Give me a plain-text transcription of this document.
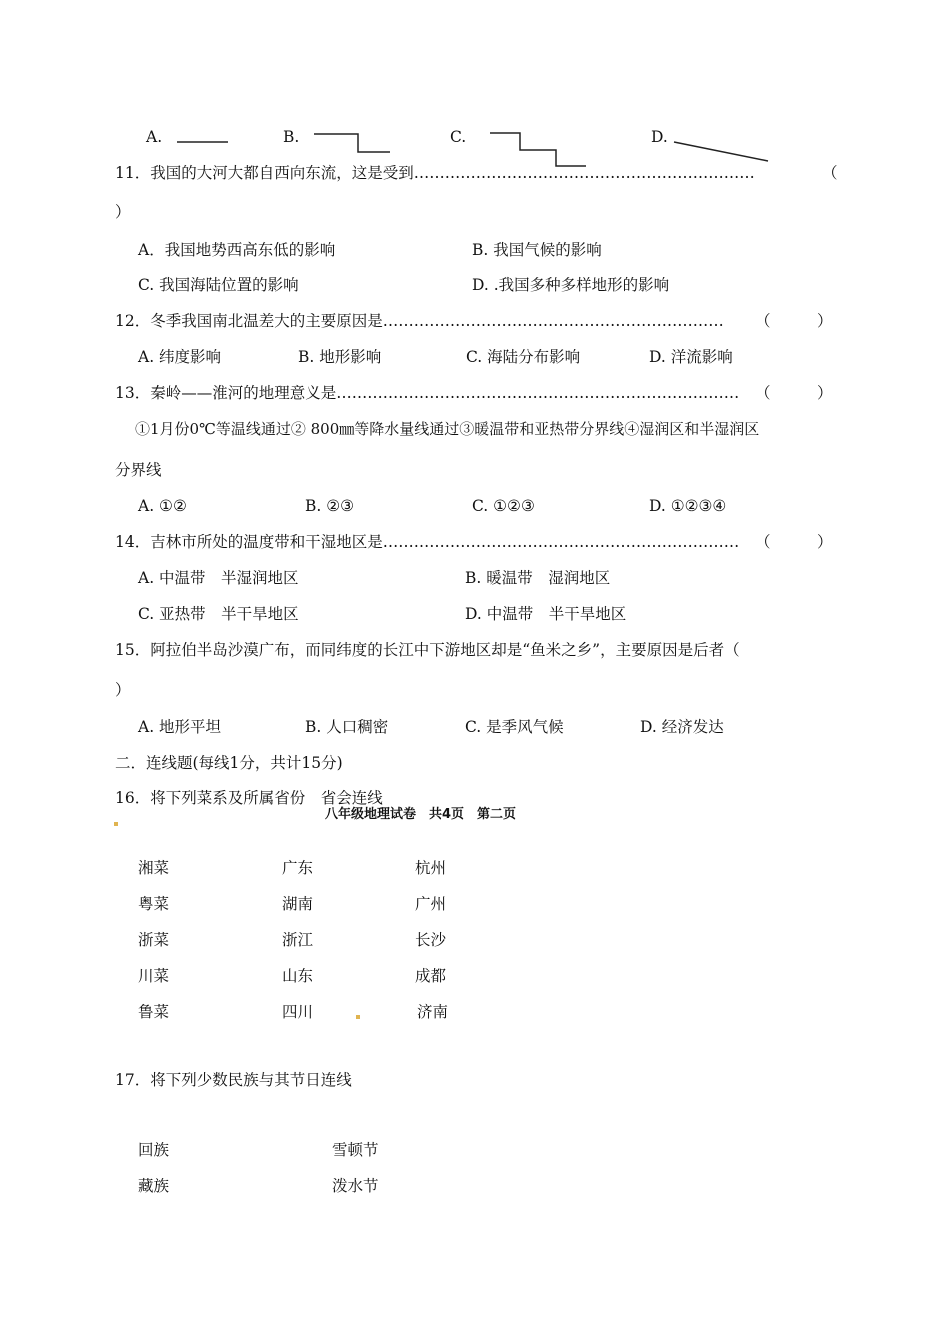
A.	B.	C.	D.
11．我国的大河大都自西向东流，这是受到…………………………………………………………	（
）
A．我国地势西高东低的影响	B. 我国气候的影响
C. 我国海陆位置的影响	D. .我国多种多样地形的影响
12．冬季我国南北温差大的主要原因是………………………………………………………… （　　　）
A. 纬度影响	B. 地形影响	C. 海陆分布影响	D. 洋流影响
13．秦岭——淮河的地理意义是…………………………………………………………………… （　　　）
①1月份0℃等温线通过② 800㎜等降水量线通过③暖温带和亚热带分界线④湿润区和半湿润区
分界线
A. ①②	B. ②③	C. ①②③	D. ①②③④
14．吉林市所处的温度带和干湿地区是…………………………………………………………… （　　　）
A. 中温带　半湿润地区	B. 暖温带　湿润地区
C. 亚热带　半干旱地区	D. 中温带　半干旱地区
15．阿拉伯半岛沙漠广布，而同纬度的长江中下游地区却是“鱼米之乡”，主要原因是后者（
）
A. 地形平坦	B. 人口稠密	C. 是季风气候	D. 经济发达
二．连线题(每线1分，共计15分)
16．将下列菜系及所属省份　省会连线
八年级地理试卷　共4页　第二页
湘菜	广东	杭州
粤菜	湖南	广州
浙菜	浙江	长沙
川菜	山东	成都
鲁菜	四川	济南
17．将下列少数民族与其节日连线
回族	雪顿节
藏族	泼水节
